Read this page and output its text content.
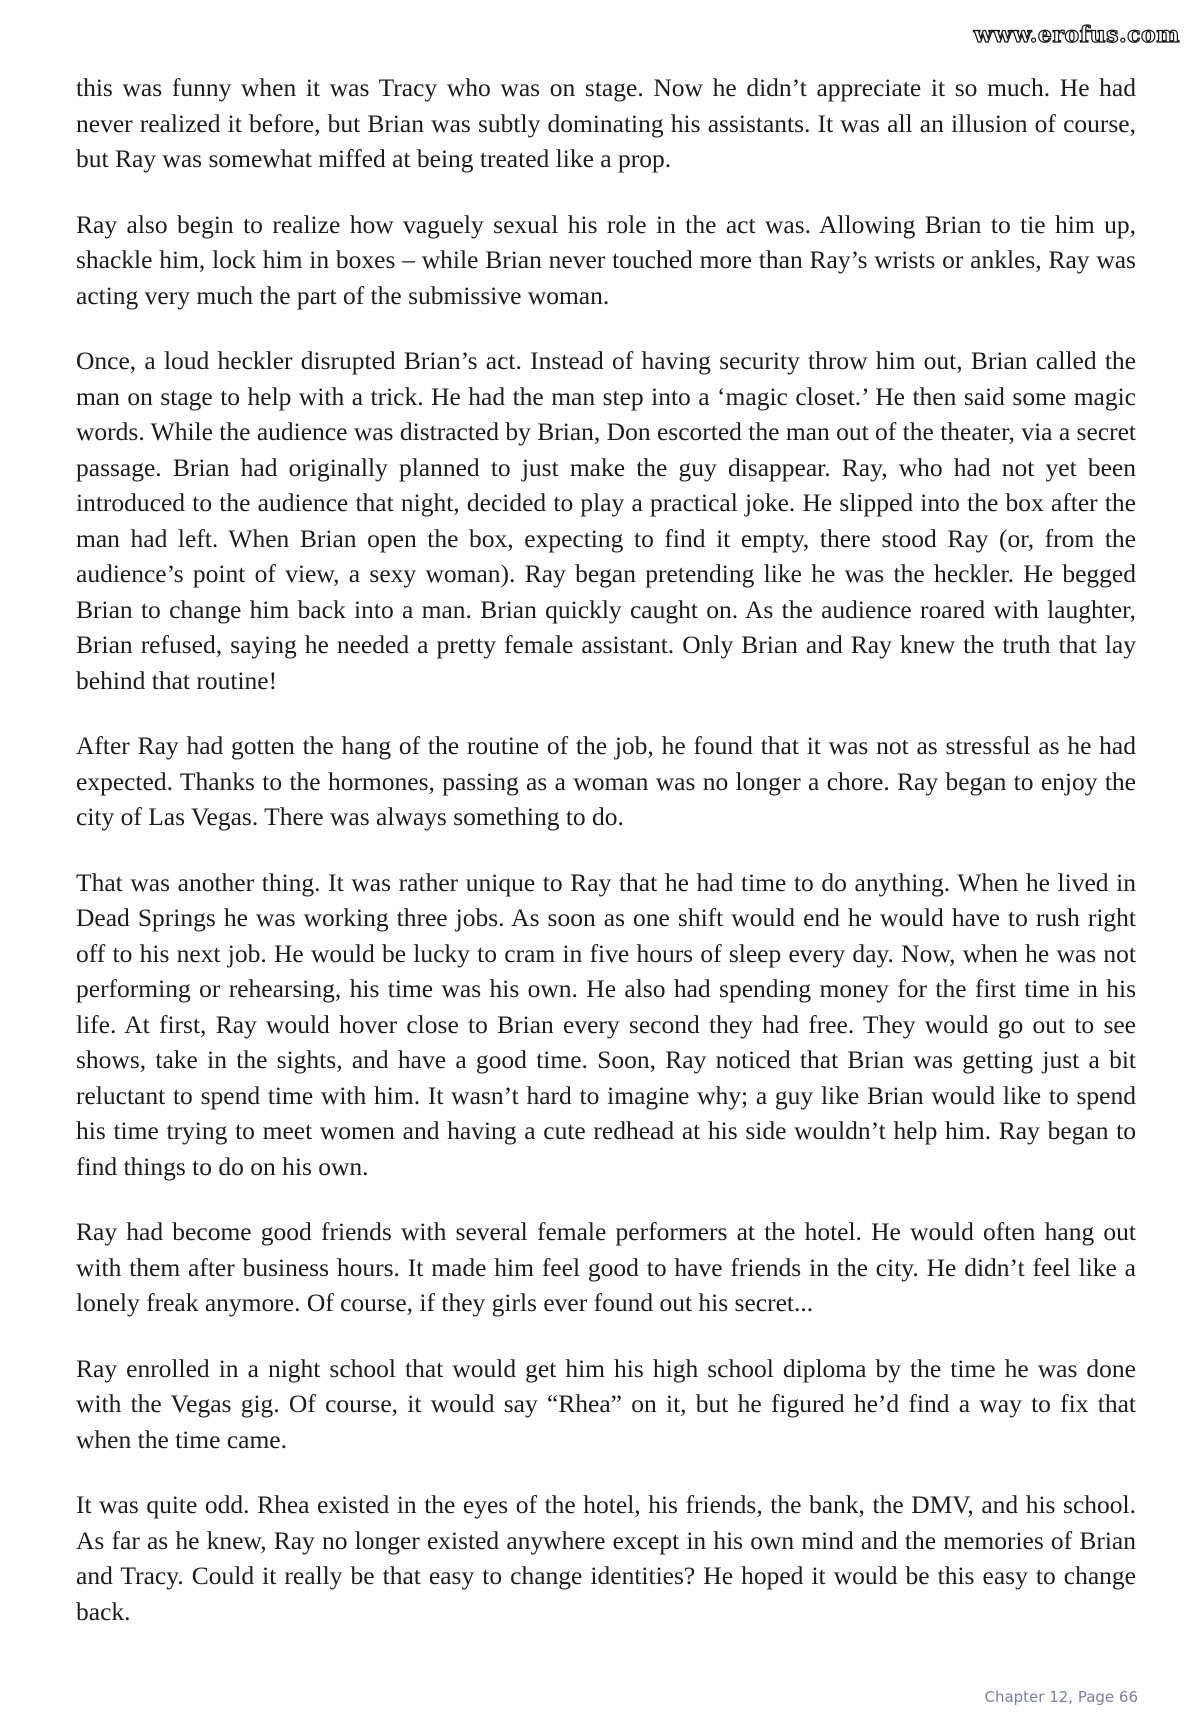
www.erofus.com

this was funny when it was Tracy who was on stage. Now he didn’t appreciate it so much. He had never realized it before, but Brian was subtly dominating his assistants. It was all an illusion of course, but Ray was somewhat miffed at being treated like a prop.

Ray also begin to realize how vaguely sexual his role in the act was. Allowing Brian to tie him up, shackle him, lock him in boxes – while Brian never touched more than Ray’s wrists or ankles, Ray was acting very much the part of the submissive woman.

Once, a loud heckler disrupted Brian’s act. Instead of having security throw him out, Brian called the man on stage to help with a trick. He had the man step into a ‘magic closet.’ He then said some magic words. While the audience was distracted by Brian, Don escorted the man out of the theater, via a secret passage. Brian had originally planned to just make the guy disappear. Ray, who had not yet been introduced to the audience that night, decided to play a practical joke. He slipped into the box after the man had left. When Brian open the box, expecting to find it empty, there stood Ray (or, from the audience’s point of view, a sexy woman). Ray began pretending like he was the heckler. He begged Brian to change him back into a man. Brian quickly caught on. As the audience roared with laughter, Brian refused, saying he needed a pretty female assistant. Only Brian and Ray knew the truth that lay behind that routine!

After Ray had gotten the hang of the routine of the job, he found that it was not as stressful as he had expected. Thanks to the hormones, passing as a woman was no longer a chore. Ray began to enjoy the city of Las Vegas. There was always something to do.

That was another thing. It was rather unique to Ray that he had time to do anything. When he lived in Dead Springs he was working three jobs. As soon as one shift would end he would have to rush right off to his next job. He would be lucky to cram in five hours of sleep every day. Now, when he was not performing or rehearsing, his time was his own. He also had spending money for the first time in his life. At first, Ray would hover close to Brian every second they had free. They would go out to see shows, take in the sights, and have a good time. Soon, Ray noticed that Brian was getting just a bit reluctant to spend time with him. It wasn’t hard to imagine why; a guy like Brian would like to spend his time trying to meet women and having a cute redhead at his side wouldn’t help him. Ray began to find things to do on his own.

Ray had become good friends with several female performers at the hotel. He would often hang out with them after business hours. It made him feel good to have friends in the city. He didn’t feel like a lonely freak anymore. Of course, if they girls ever found out his secret...

Ray enrolled in a night school that would get him his high school diploma by the time he was done with the Vegas gig. Of course, it would say “Rhea” on it, but he figured he’d find a way to fix that when the time came.

It was quite odd. Rhea existed in the eyes of the hotel, his friends, the bank, the DMV, and his school. As far as he knew, Ray no longer existed anywhere except in his own mind and the memories of Brian and Tracy. Could it really be that easy to change identities? He hoped it would be this easy to change back.

Chapter 12, Page 66
